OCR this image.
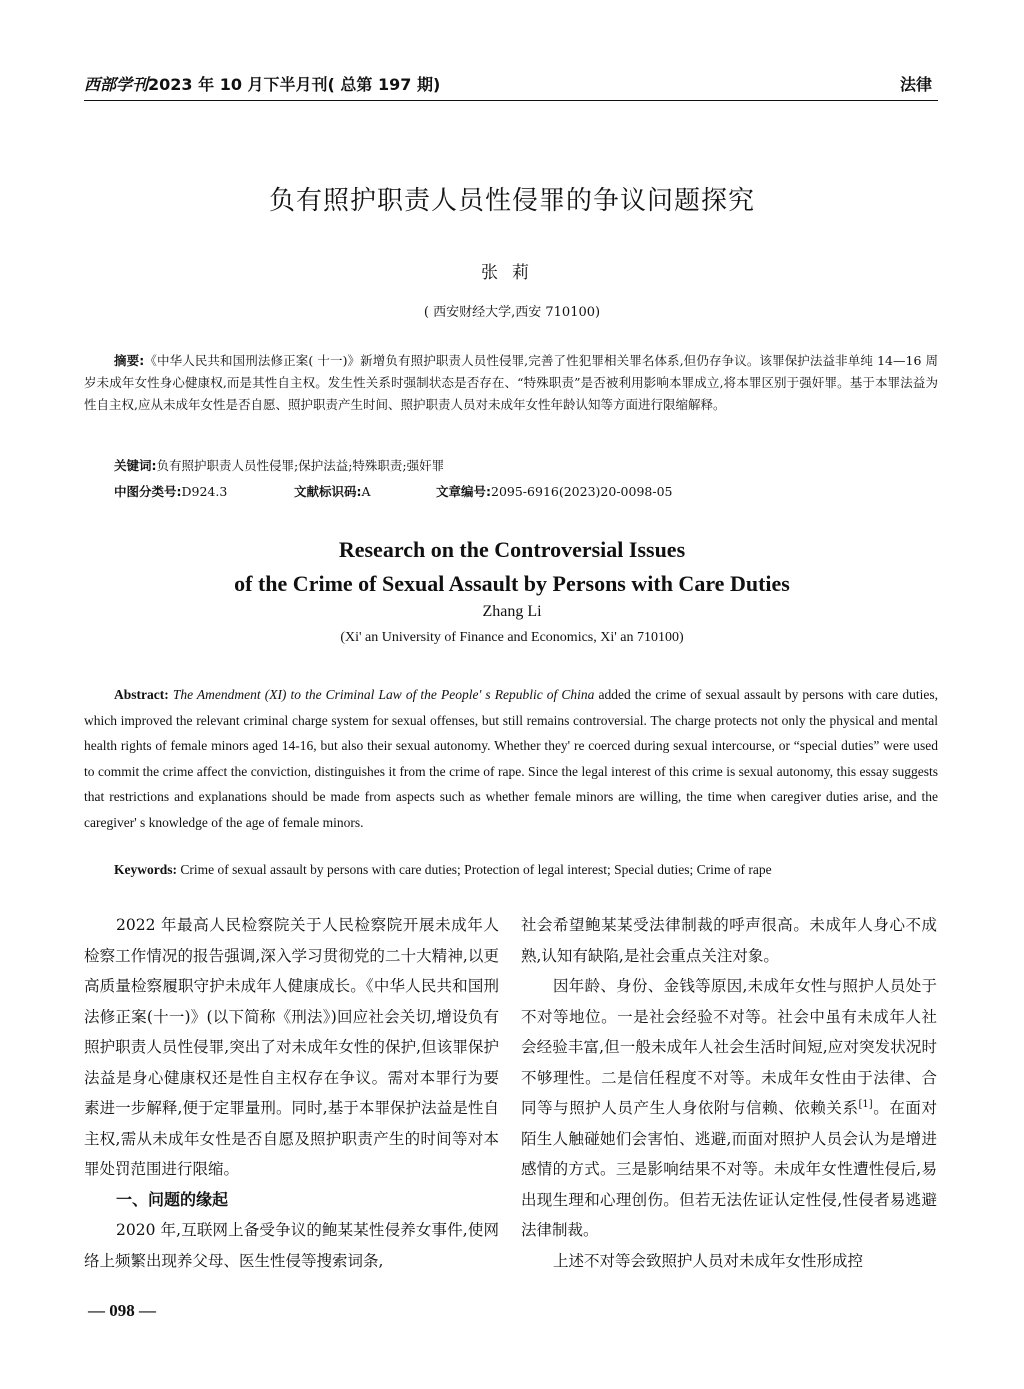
西部学刊2023 年 10 月下半月刊( 总第 197 期)	法律
负有照护职责人员性侵罪的争议问题探究
张莉
( 西安财经大学,西安 710100)
摘要:《中华人民共和国刑法修正案( 十一)》新增负有照护职责人员性侵罪,完善了性犯罪相关罪名体系,但仍存争议。该罪保护法益非单纯 14—16 周岁未成年女性身心健康权,而是其性自主权。发生性关系时强制状态是否存在、“特殊职责”是否被利用影响本罪成立,将本罪区别于强奸罪。基于本罪法益为性自主权,应从未成年女性是否自愿、照护职责产生时间、照护职责人员对未成年女性年龄认知等方面进行限缩解释。
关键词:负有照护职责人员性侵罪;保护法益;特殊职责;强奸罪
中图分类号:D924.3	文献标识码:A	文章编号:2095-6916(2023)20-0098-05
Research on the Controversial Issues
of the Crime of Sexual Assault by Persons with Care Duties
Zhang Li
(Xi' an University of Finance and Economics, Xi' an 710100)
Abstract: The Amendment (XI) to the Criminal Law of the People' s Republic of China added the crime of sexual assault by persons with care duties, which improved the relevant criminal charge system for sexual offenses, but still remains controversial. The charge protects not only the physical and mental health rights of female minors aged 14-16, but also their sexual autonomy. Whether they' re coerced during sexual intercourse, or “special duties” were used to commit the crime affect the conviction, distinguishes it from the crime of rape. Since the legal interest of this crime is sexual autonomy, this essay suggests that restrictions and explanations should be made from aspects such as whether female minors are willing, the time when caregiver duties arise, and the caregiver' s knowledge of the age of female minors.
Keywords: Crime of sexual assault by persons with care duties; Protection of legal interest; Special duties; Crime of rape

2022 年最高人民检察院关于人民检察院开展未成年人检察工作情况的报告强调,深入学习贯彻党的二十大精神,以更高质量检察履职守护未成年人健康成长。《中华人民共和国刑法修正案(十一)》(以下简称《刑法》)回应社会关切,增设负有照护职责人员性侵罪,突出了对未成年女性的保护,但该罪保护法益是身心健康权还是性自主权存在争议。需对本罪行为要素进一步解释,便于定罪量刑。同时,基于本罪保护法益是性自主权,需从未成年女性是否自愿及照护职责产生的时间等对本罪处罚范围进行限缩。

一、问题的缘起

2020 年,互联网上备受争议的鲍某某性侵养女事件,使网络上频繁出现养父母、医生性侵等搜索词条,

社会希望鲍某某受法律制裁的呼声很高。未成年人身心不成熟,认知有缺陷,是社会重点关注对象。

因年龄、身份、金钱等原因,未成年女性与照护人员处于不对等地位。一是社会经验不对等。社会中虽有未成年人社会经验丰富,但一般未成年人社会生活时间短,应对突发状况时不够理性。二是信任程度不对等。未成年女性由于法律、合同等与照护人员产生人身依附与信赖、依赖关系[1]。在面对陌生人触碰她们会害怕、逃避,而面对照护人员会认为是增进感情的方式。三是影响结果不对等。未成年女性遭性侵后,易出现生理和心理创伤。但若无法佐证认定性侵,性侵者易逃避法律制裁。

上述不对等会致照护人员对未成年女性形成控

— 098 —
